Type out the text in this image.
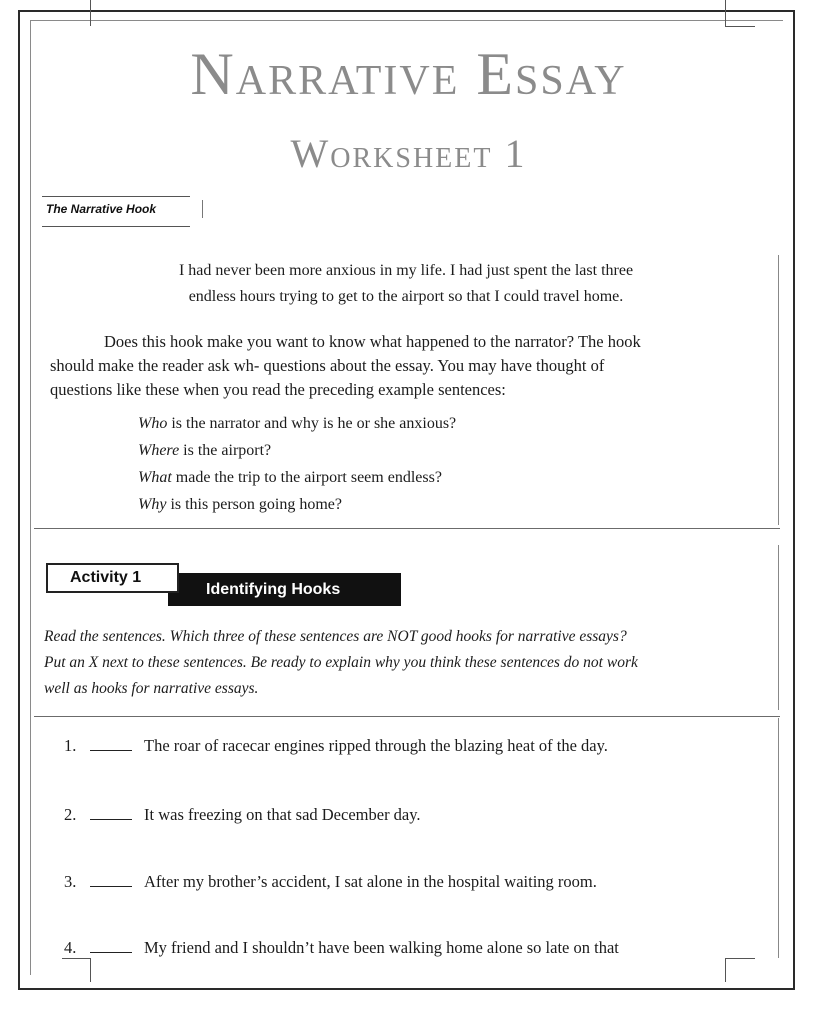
Narrative Essay
Worksheet 1
The Narrative Hook
I had never been more anxious in my life. I had just spent the last three
endless hours trying to get to the airport so that I could travel home.
Does this hook make you want to know what happened to the narrator? The hook
should make the reader ask wh- questions about the essay. You may have thought of
questions like these when you read the preceding example sentences:
Who is the narrator and why is he or she anxious?
Where is the airport?
What made the trip to the airport seem endless?
Why is this person going home?
Activity 1
Identifying Hooks
Read the sentences. Which three of these sentences are NOT good hooks for narrative essays?
Put an X next to these sentences. Be ready to explain why you think these sentences do not work
well as hooks for narrative essays.
1.	The roar of racecar engines ripped through the blazing heat of the day.
2.	It was freezing on that sad December day.
3.	After my brother’s accident, I sat alone in the hospital waiting room.
4.	My friend and I shouldn’t have been walking home alone so late on that
